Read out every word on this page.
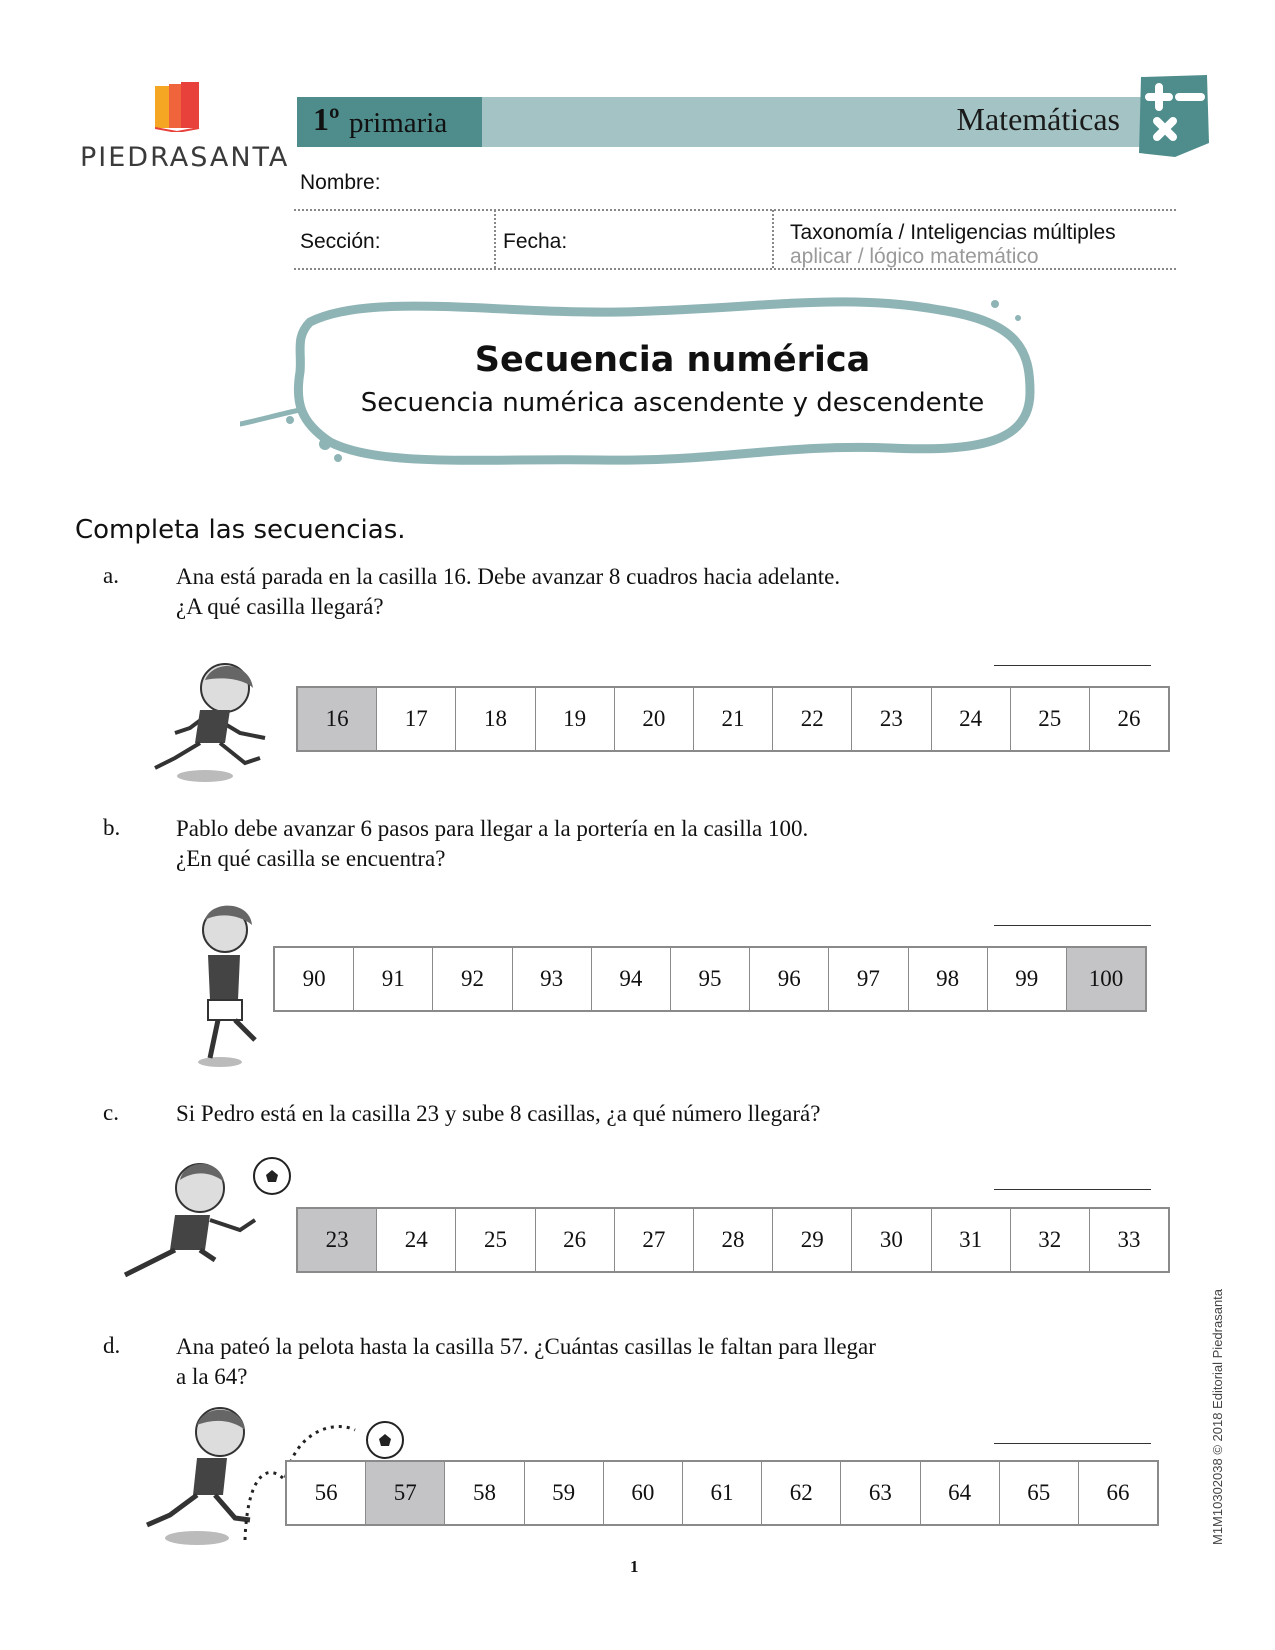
PIEDRASANTA
1º primaria	Matemáticas
Nombre:
Sección:	Fecha:	Taxonomía / Inteligencias múltiples
aplicar / lógico matemático
Secuencia numérica
Secuencia numérica ascendente y descendente
Completa las secuencias.
a. Ana está parada en la casilla 16. Debe avanzar 8 cuadros hacia adelante.
¿A qué casilla llegará?
16	17	18	19	20	21	22	23	24	25	26
b. Pablo debe avanzar 6 pasos para llegar a la portería en la casilla 100.
¿En qué casilla se encuentra?
90	91	92	93	94	95	96	97	98	99	100
c. Si Pedro está en la casilla 23 y sube 8 casillas, ¿a qué número llegará?
23	24	25	26	27	28	29	30	31	32	33
d. Ana pateó la pelota hasta la casilla 57. ¿Cuántas casillas le faltan para llegar
a la 64?
56	57	58	59	60	61	62	63	64	65	66
1
M1M10302038 © 2018 Editorial Piedrasanta
